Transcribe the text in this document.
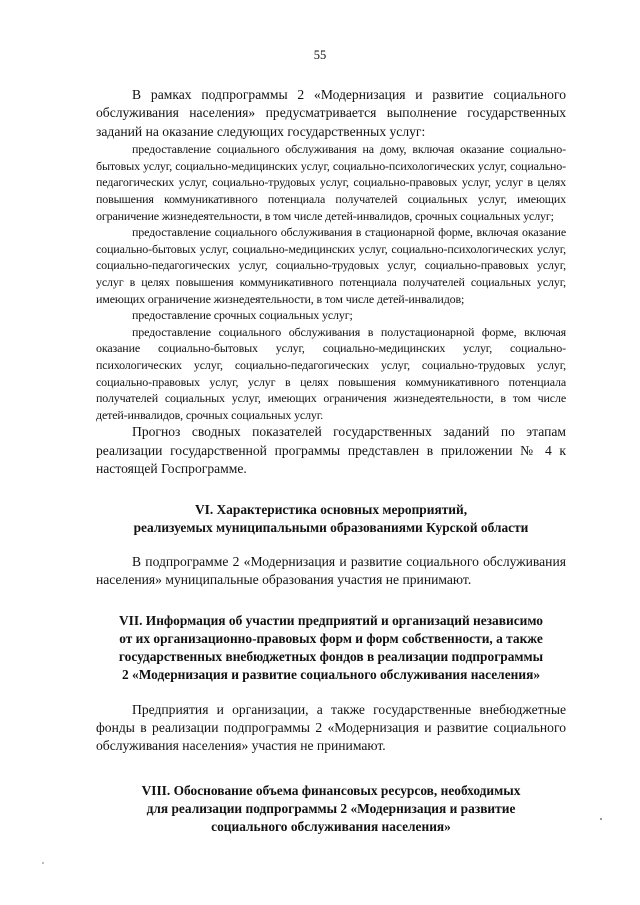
55

В рамках подпрограммы 2 «Модернизация и развитие социального обслуживания населения» предусматривается выполнение государственных заданий на оказание следующих государственных услуг:

предоставление социального обслуживания на дому, включая оказание социально-бытовых услуг, социально-медицинских услуг, социально-психологических услуг, социально-педагогических услуг, социально-трудовых услуг, социально-правовых услуг, услуг в целях повышения коммуникативного потенциала получателей социальных услуг, имеющих ограничение жизнедеятельности, в том числе детей-инвалидов, срочных социальных услуг;

предоставление социального обслуживания в стационарной форме, включая оказание социально-бытовых услуг, социально-медицинских услуг, социально-психологических услуг, социально-педагогических услуг, социально-трудовых услуг, социально-правовых услуг, услуг в целях повышения коммуникативного потенциала получателей социальных услуг, имеющих ограничение жизнедеятельности, в том числе детей-инвалидов;

предоставление срочных социальных услуг;

предоставление социального обслуживания в полустационарной форме, включая оказание социально-бытовых услуг, социально-медицинских услуг, социально-психологических услуг, социально-педагогических услуг, социально-трудовых услуг, социально-правовых услуг, услуг в целях повышения коммуникативного потенциала получателей социальных услуг, имеющих ограничения жизнедеятельности, в том числе детей-инвалидов, срочных социальных услуг.

Прогноз сводных показателей государственных заданий по этапам реализации государственной программы представлен в приложении № 4 к настоящей Госпрограмме.

VI. Характеристика основных мероприятий,
реализуемых муниципальными образованиями Курской области

В подпрограмме 2 «Модернизация и развитие социального обслуживания населения» муниципальные образования участия не принимают.

VII. Информация об участии предприятий и организаций независимо
от их организационно-правовых форм и форм собственности, а также
государственных внебюджетных фондов в реализации подпрограммы
2 «Модернизация и развитие социального обслуживания населения»

Предприятия и организации, а также государственные внебюджетные фонды в реализации подпрограммы 2 «Модернизация и развитие социального обслуживания населения» участия не принимают.

VIII. Обоснование объема финансовых ресурсов, необходимых
для реализации подпрограммы 2 «Модернизация и развитие
социального обслуживания населения»
